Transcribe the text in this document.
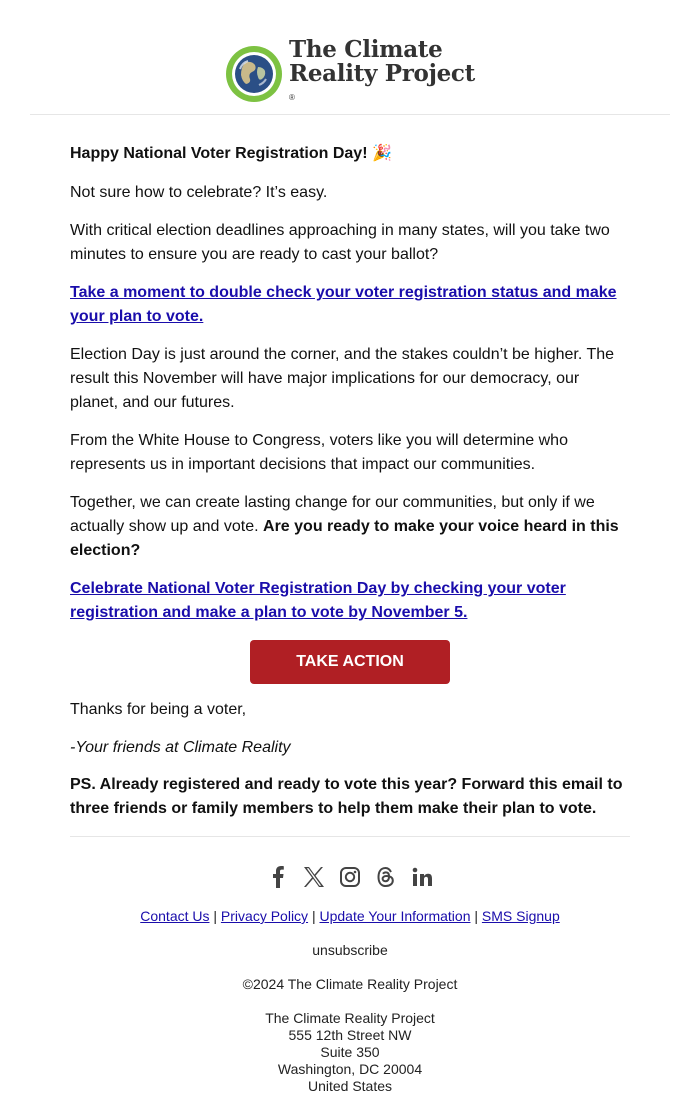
The Climate
Reality Project
®

Happy National Voter Registration Day! 🎉

Not sure how to celebrate? It’s easy.

With critical election deadlines approaching in many states, will you take two minutes to ensure you are ready to cast your ballot?

Take a moment to double check your voter registration status and make your plan to vote.

Election Day is just around the corner, and the stakes couldn’t be higher. The result this November will have major implications for our democracy, our planet, and our futures.

From the White House to Congress, voters like you will determine who represents us in important decisions that impact our communities.

Together, we can create lasting change for our communities, but only if we actually show up and vote. Are you ready to make your voice heard in this election?

Celebrate National Voter Registration Day by checking your voter registration and make a plan to vote by November 5.

TAKE ACTION

Thanks for being a voter,

-Your friends at Climate Reality

PS. Already registered and ready to vote this year? Forward this email to three friends or family members to help them make their plan to vote.

Contact Us | Privacy Policy | Update Your Information | SMS Signup
unsubscribe
©2024 The Climate Reality Project
The Climate Reality Project
555 12th Street NW
Suite 350
Washington, DC 20004
United States
